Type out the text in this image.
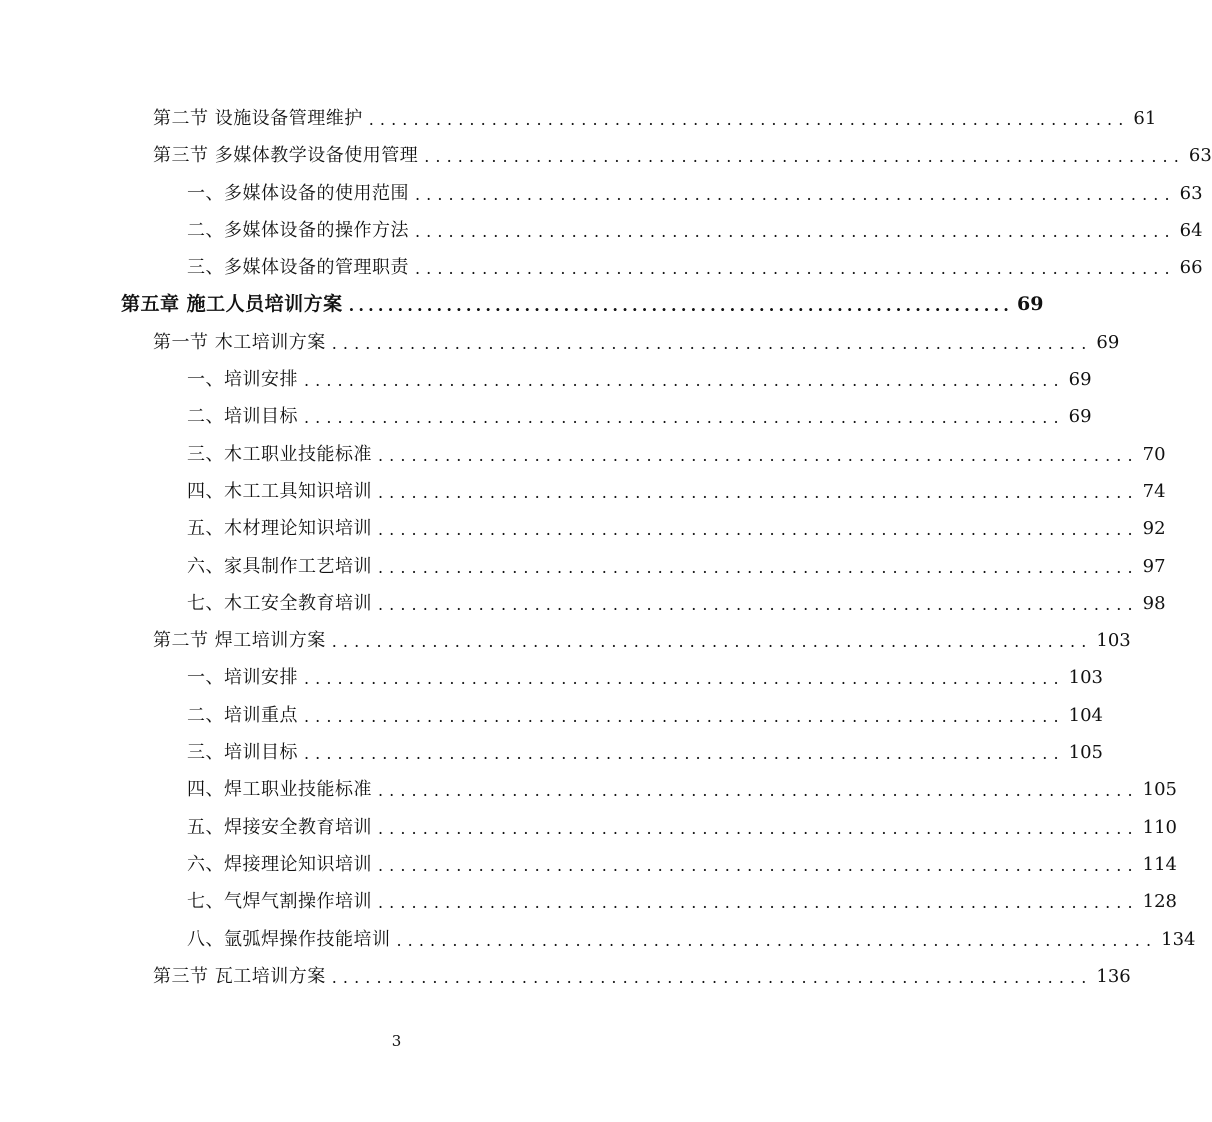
第二节 设施设备管理维护 .................................................................... 61
第三节 多媒体教学设备使用管理 .................................................................... 63
一、多媒体设备的使用范围 .................................................................... 63
二、多媒体设备的操作方法 .................................................................... 64
三、多媒体设备的管理职责 .................................................................... 66
第五章 施工人员培训方案 .................................................................... 69
第一节 木工培训方案 .................................................................... 69
一、培训安排 .................................................................... 69
二、培训目标 .................................................................... 69
三、木工职业技能标准 .................................................................... 70
四、木工工具知识培训 .................................................................... 74
五、木材理论知识培训 .................................................................... 92
六、家具制作工艺培训 .................................................................... 97
七、木工安全教育培训 .................................................................... 98
第二节 焊工培训方案 .................................................................... 103
一、培训安排 .................................................................... 103
二、培训重点 .................................................................... 104
三、培训目标 .................................................................... 105
四、焊工职业技能标准 .................................................................... 105
五、焊接安全教育培训 .................................................................... 110
六、焊接理论知识培训 .................................................................... 114
七、气焊气割操作培训 .................................................................... 128
八、氩弧焊操作技能培训 .................................................................... 134
第三节 瓦工培训方案 .................................................................... 136
3
